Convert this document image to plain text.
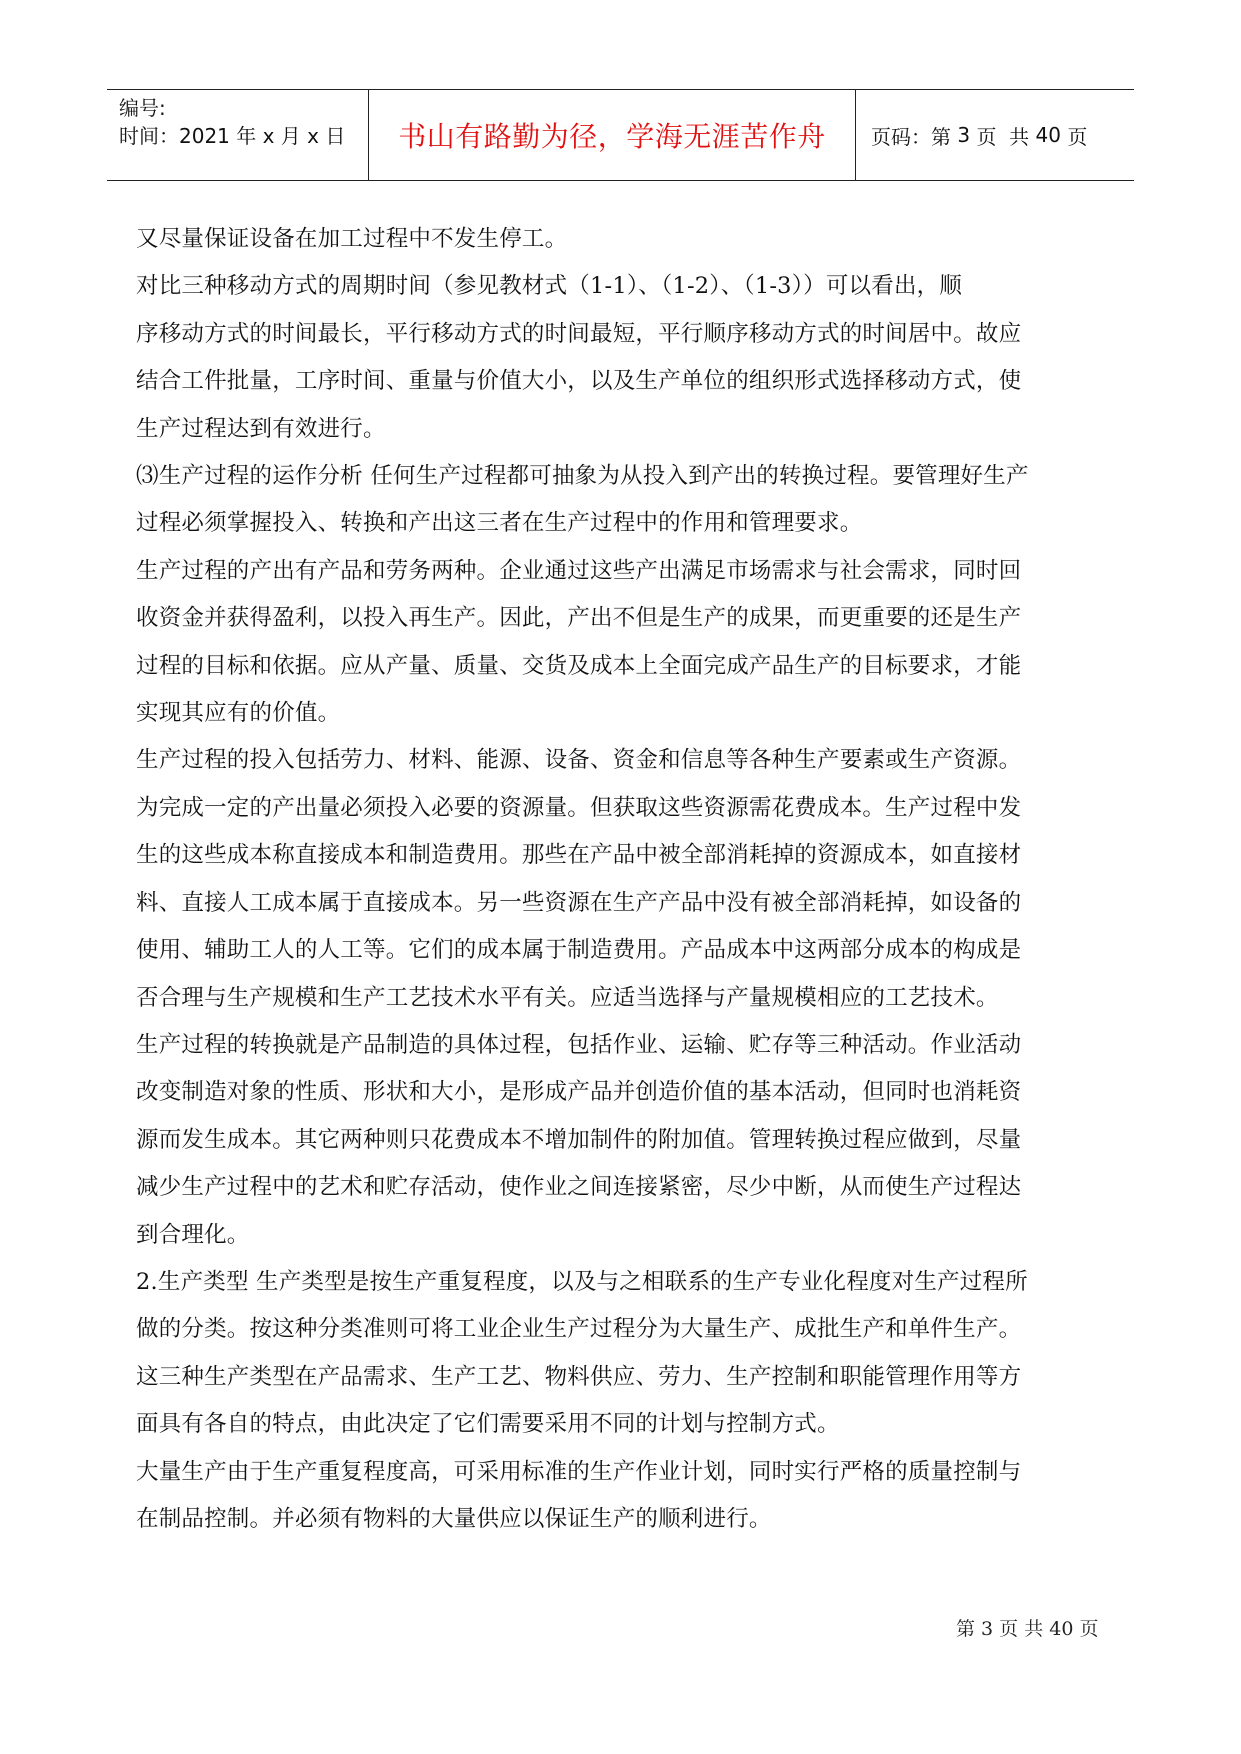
编号:
时间：2021 年 x 月 x 日	书山有路勤为径，学海无涯苦作舟	页码：第 3 页  共 40 页

又尽量保证设备在加工过程中不发生停工。

对比三种移动方式的周期时间（参见教材式（1-1）、（1-2）、（1-3））可以看出，顺

序移动方式的时间最长，平行移动方式的时间最短，平行顺序移动方式的时间居中。故应

结合工件批量，工序时间、重量与价值大小，以及生产单位的组织形式选择移动方式，使

生产过程达到有效进行。

⑶生产过程的运作分析 任何生产过程都可抽象为从投入到产出的转换过程。要管理好生产

过程必须掌握投入、转换和产出这三者在生产过程中的作用和管理要求。

生产过程的产出有产品和劳务两种。企业通过这些产出满足市场需求与社会需求，同时回

收资金并获得盈利，以投入再生产。因此，产出不但是生产的成果，而更重要的还是生产

过程的目标和依据。应从产量、质量、交货及成本上全面完成产品生产的目标要求，才能

实现其应有的价值。

生产过程的投入包括劳力、材料、能源、设备、资金和信息等各种生产要素或生产资源。

为完成一定的产出量必须投入必要的资源量。但获取这些资源需花费成本。生产过程中发

生的这些成本称直接成本和制造费用。那些在产品中被全部消耗掉的资源成本，如直接材

料、直接人工成本属于直接成本。另一些资源在生产产品中没有被全部消耗掉，如设备的

使用、辅助工人的人工等。它们的成本属于制造费用。产品成本中这两部分成本的构成是

否合理与生产规模和生产工艺技术水平有关。应适当选择与产量规模相应的工艺技术。

生产过程的转换就是产品制造的具体过程，包括作业、运输、贮存等三种活动。作业活动

改变制造对象的性质、形状和大小，是形成产品并创造价值的基本活动，但同时也消耗资

源而发生成本。其它两种则只花费成本不增加制件的附加值。管理转换过程应做到，尽量

减少生产过程中的艺术和贮存活动，使作业之间连接紧密，尽少中断，从而使生产过程达

到合理化。

2.生产类型 生产类型是按生产重复程度，以及与之相联系的生产专业化程度对生产过程所

做的分类。按这种分类准则可将工业企业生产过程分为大量生产、成批生产和单件生产。

这三种生产类型在产品需求、生产工艺、物料供应、劳力、生产控制和职能管理作用等方

面具有各自的特点，由此决定了它们需要采用不同的计划与控制方式。

大量生产由于生产重复程度高，可采用标准的生产作业计划，同时实行严格的质量控制与

在制品控制。并必须有物料的大量供应以保证生产的顺利进行。

第 3 页 共 40 页
